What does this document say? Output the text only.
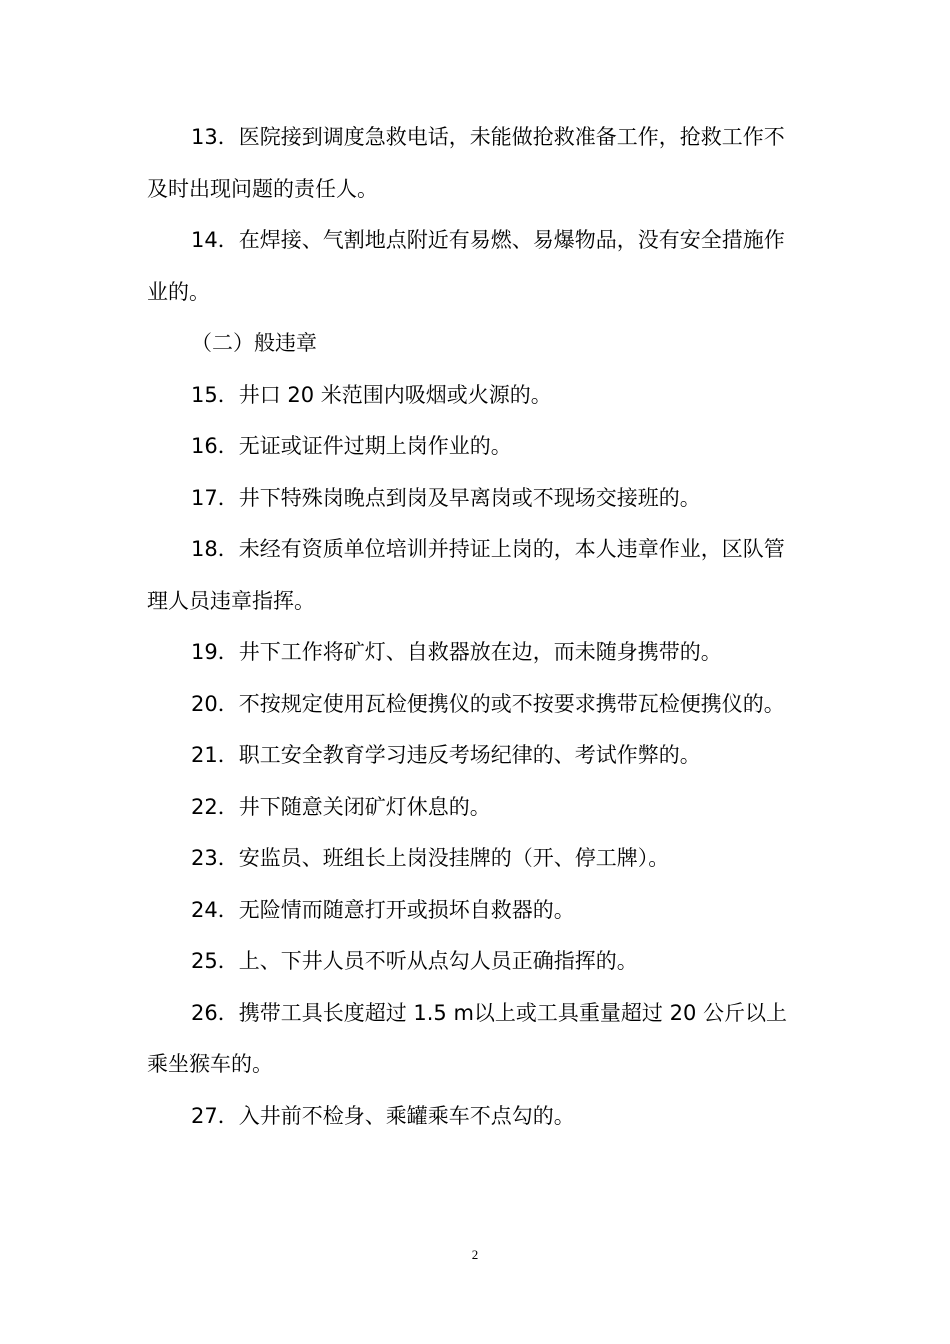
13．医院接到调度急救电话，未能做抢救准备工作，抢救工作不及时出现问题的责任人。

14．在焊接、气割地点附近有易燃、易爆物品，没有安全措施作业的。

（二）般违章

15．井口 20 米范围内吸烟或火源的。

16．无证或证件过期上岗作业的。

17．井下特殊岗晚点到岗及早离岗或不现场交接班的。

18．未经有资质单位培训并持证上岗的，本人违章作业，区队管理人员违章指挥。

19．井下工作将矿灯、自救器放在边，而未随身携带的。

20．不按规定使用瓦检便携仪的或不按要求携带瓦检便携仪的。

21．职工安全教育学习违反考场纪律的、考试作弊的。

22．井下随意关闭矿灯休息的。

23．安监员、班组长上岗没挂牌的（开、停工牌）。

24．无险情而随意打开或损坏自救器的。

25．上、下井人员不听从点勾人员正确指挥的。

26．携带工具长度超过 1.5 m以上或工具重量超过 20 公斤以上乘坐猴车的。

27．入井前不检身、乘罐乘车不点勾的。

2
